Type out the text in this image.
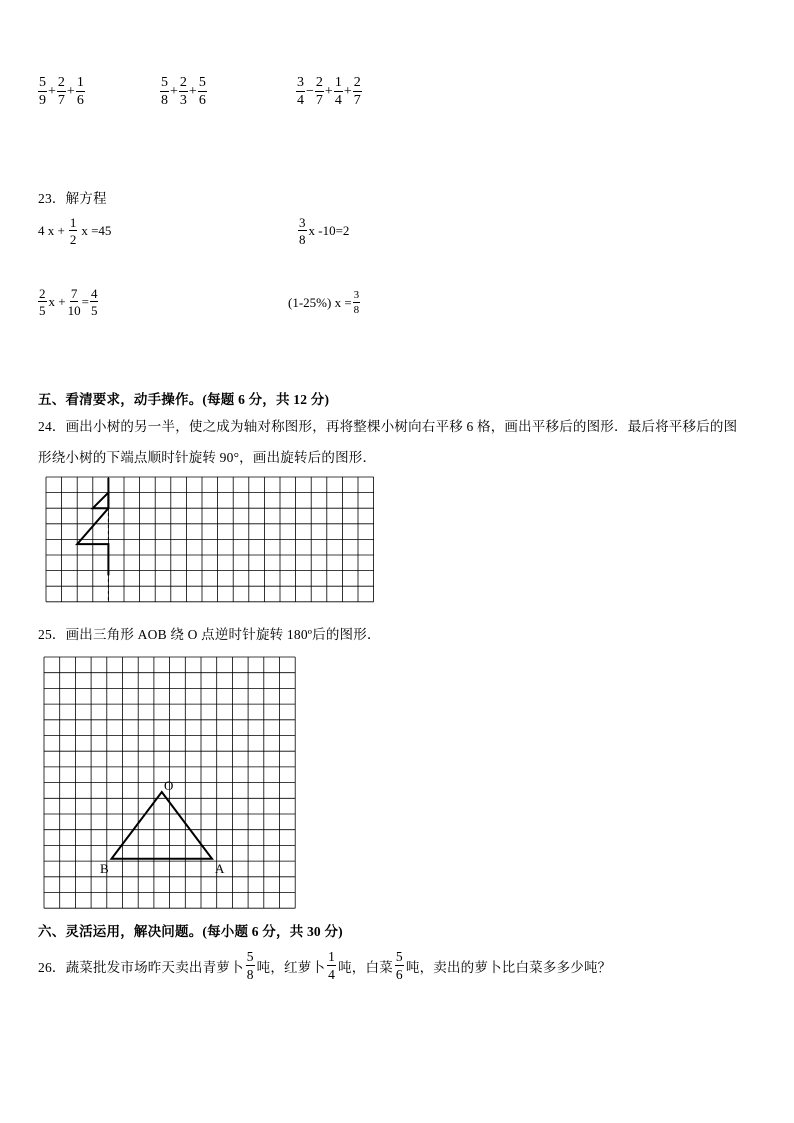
$\frac{5}{9} + \frac{2}{7} + \frac{1}{6}$	$\frac{5}{8} + \frac{2}{3} + \frac{5}{6}$	$\frac{3}{4} - \frac{2}{7} + \frac{1}{4} + \frac{2}{7}$
23．解方程
4 $x + \frac{1}{2}$ x =45	$\frac{3}{8}$ x -10=2
$\frac{2}{5}$ $x + \frac{7}{10} = \frac{4}{5}$	(1-25%) $x = \frac{3}{8}$
五、看清要求，动手操作。(每题 6 分，共 12 分)
24．画出小树的另一半，使之成为轴对称图形，再将整棵小树向右平移 6 格，画出平移后的图形．最后将平移后的图
形绕小树的下端点顺时针旋转 90°，画出旋转后的图形．
25．画出三角形 AOB 绕 O 点逆时针旋转 180º后的图形．
O
A
B
六、灵活运用，解决问题。(每小题 6 分，共 30 分)
26．蔬菜批发市场昨天卖出青萝卜 $\frac{5}{8}$ 吨，红萝卜 $\frac{1}{4}$ 吨，白菜 $\frac{5}{6}$ 吨，卖出的萝卜比白菜多多少吨？
